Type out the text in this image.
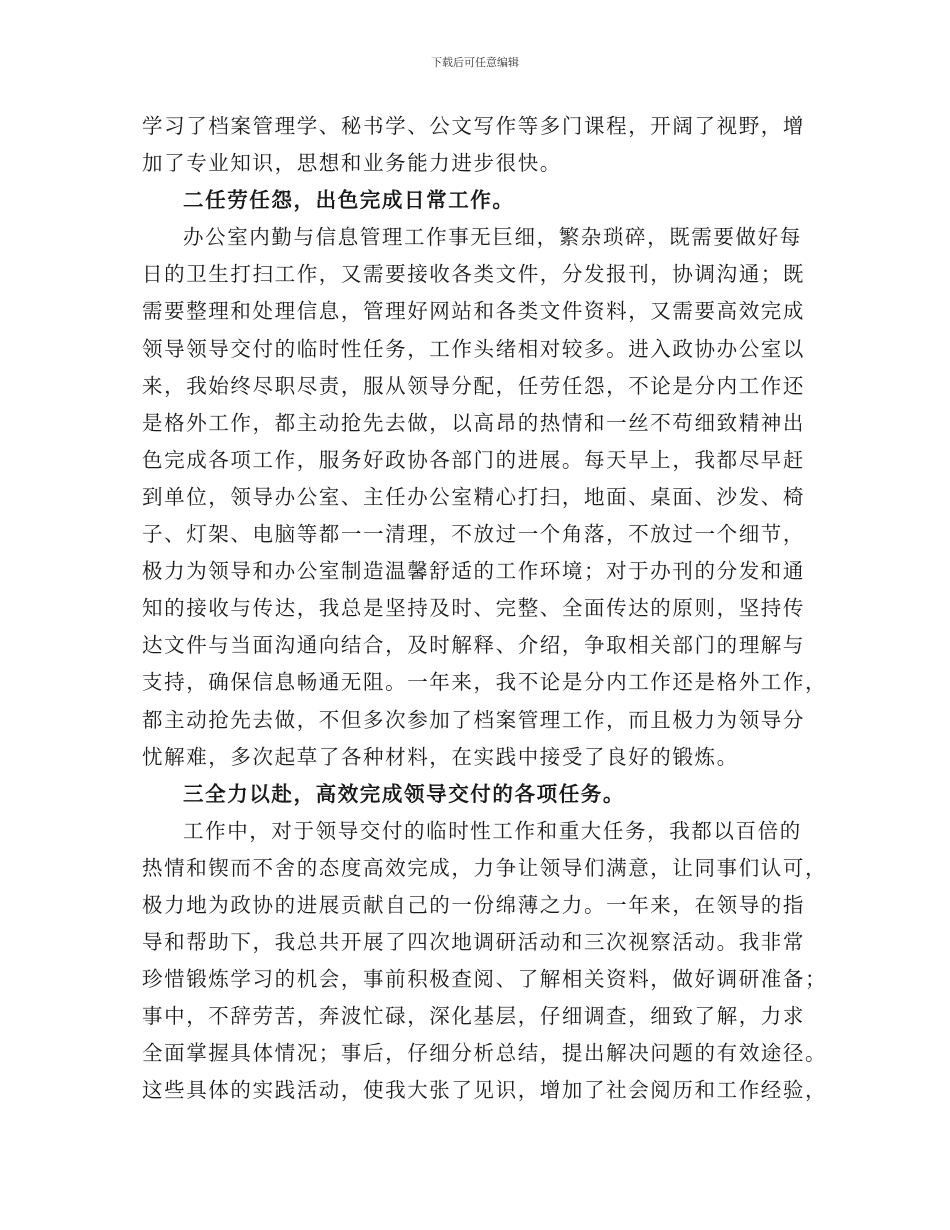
下载后可任意编辑

学习了档案管理学、秘书学、公文写作等多门课程，开阔了视野，增
加了专业知识，思想和业务能力进步很快。

二任劳任怨，出色完成日常工作。

办公室内勤与信息管理工作事无巨细，繁杂琐碎，既需要做好每
日的卫生打扫工作，又需要接收各类文件，分发报刊，协调沟通；既
需要整理和处理信息，管理好网站和各类文件资料，又需要高效完成
领导领导交付的临时性任务，工作头绪相对较多。进入政协办公室以
来，我始终尽职尽责，服从领导分配，任劳任怨，不论是分内工作还
是格外工作，都主动抢先去做，以高昂的热情和一丝不苟细致精神出
色完成各项工作，服务好政协各部门的进展。每天早上，我都尽早赶
到单位，领导办公室、主任办公室精心打扫，地面、桌面、沙发、椅
子、灯架、电脑等都一一清理，不放过一个角落，不放过一个细节，
极力为领导和办公室制造温馨舒适的工作环境；对于办刊的分发和通
知的接收与传达，我总是坚持及时、完整、全面传达的原则，坚持传
达文件与当面沟通向结合，及时解释、介绍，争取相关部门的理解与
支持，确保信息畅通无阻。一年来，我不论是分内工作还是格外工作，
都主动抢先去做，不但多次参加了档案管理工作，而且极力为领导分
忧解难，多次起草了各种材料，在实践中接受了良好的锻炼。

三全力以赴，高效完成领导交付的各项任务。

工作中，对于领导交付的临时性工作和重大任务，我都以百倍的
热情和锲而不舍的态度高效完成，力争让领导们满意，让同事们认可，
极力地为政协的进展贡献自己的一份绵薄之力。一年来，在领导的指
导和帮助下，我总共开展了四次地调研活动和三次视察活动。我非常
珍惜锻炼学习的机会，事前积极查阅、了解相关资料，做好调研准备；
事中，不辞劳苦，奔波忙碌，深化基层，仔细调查，细致了解，力求
全面掌握具体情况；事后，仔细分析总结，提出解决问题的有效途径。
这些具体的实践活动，使我大张了见识，增加了社会阅历和工作经验，
